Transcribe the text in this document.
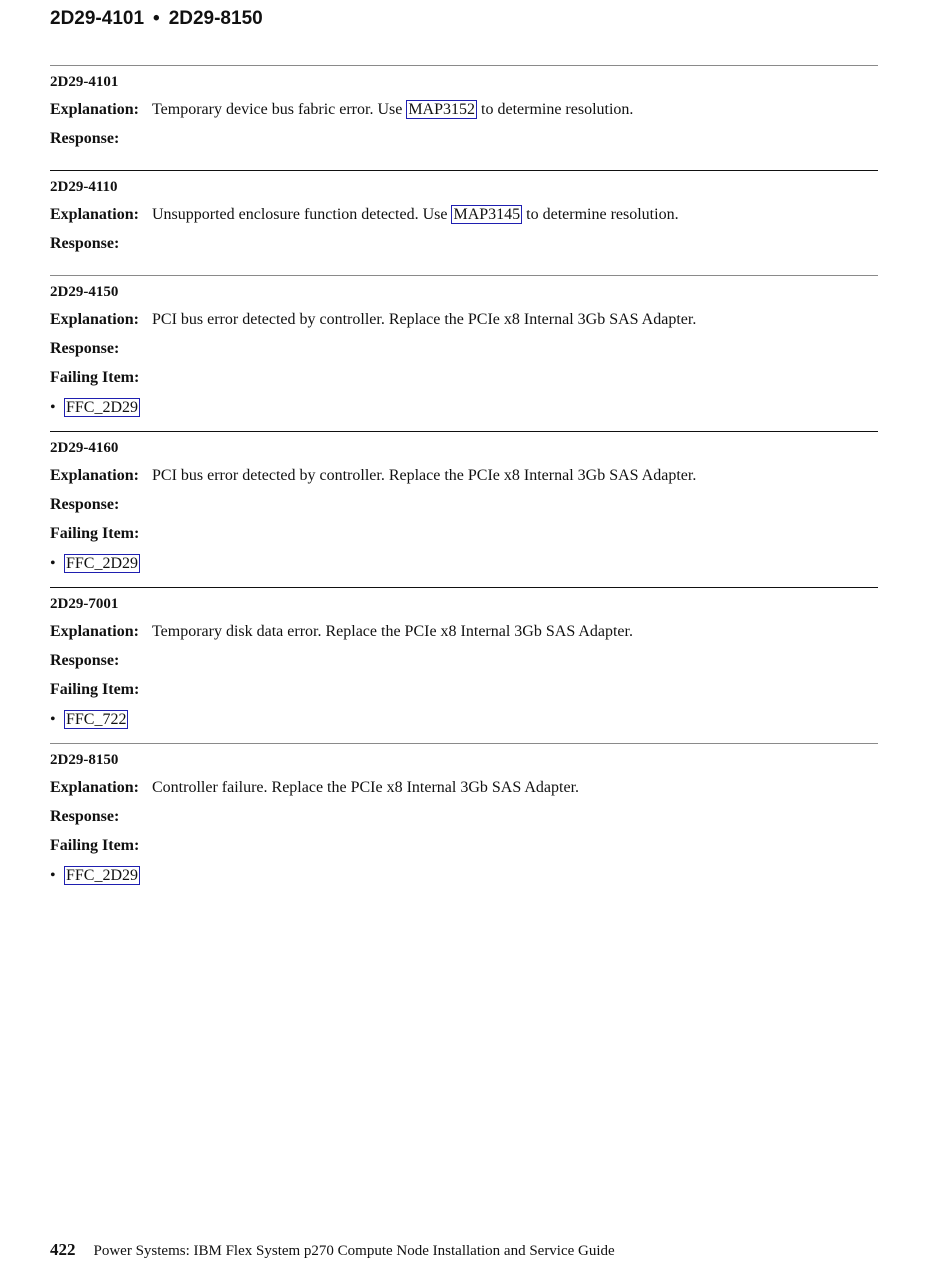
2D29-4101 • 2D29-8150
2D29-4101
Explanation: Temporary device bus fabric error. Use MAP3152 to determine resolution.
Response:
2D29-4110
Explanation: Unsupported enclosure function detected. Use MAP3145 to determine resolution.
Response:
2D29-4150
Explanation: PCI bus error detected by controller. Replace the PCIe x8 Internal 3Gb SAS Adapter.
Response:
Failing Item:
• FFC_2D29
2D29-4160
Explanation: PCI bus error detected by controller. Replace the PCIe x8 Internal 3Gb SAS Adapter.
Response:
Failing Item:
• FFC_2D29
2D29-7001
Explanation: Temporary disk data error. Replace the PCIe x8 Internal 3Gb SAS Adapter.
Response:
Failing Item:
• FFC_722
2D29-8150
Explanation: Controller failure. Replace the PCIe x8 Internal 3Gb SAS Adapter.
Response:
Failing Item:
• FFC_2D29
422 Power Systems: IBM Flex System p270 Compute Node Installation and Service Guide
